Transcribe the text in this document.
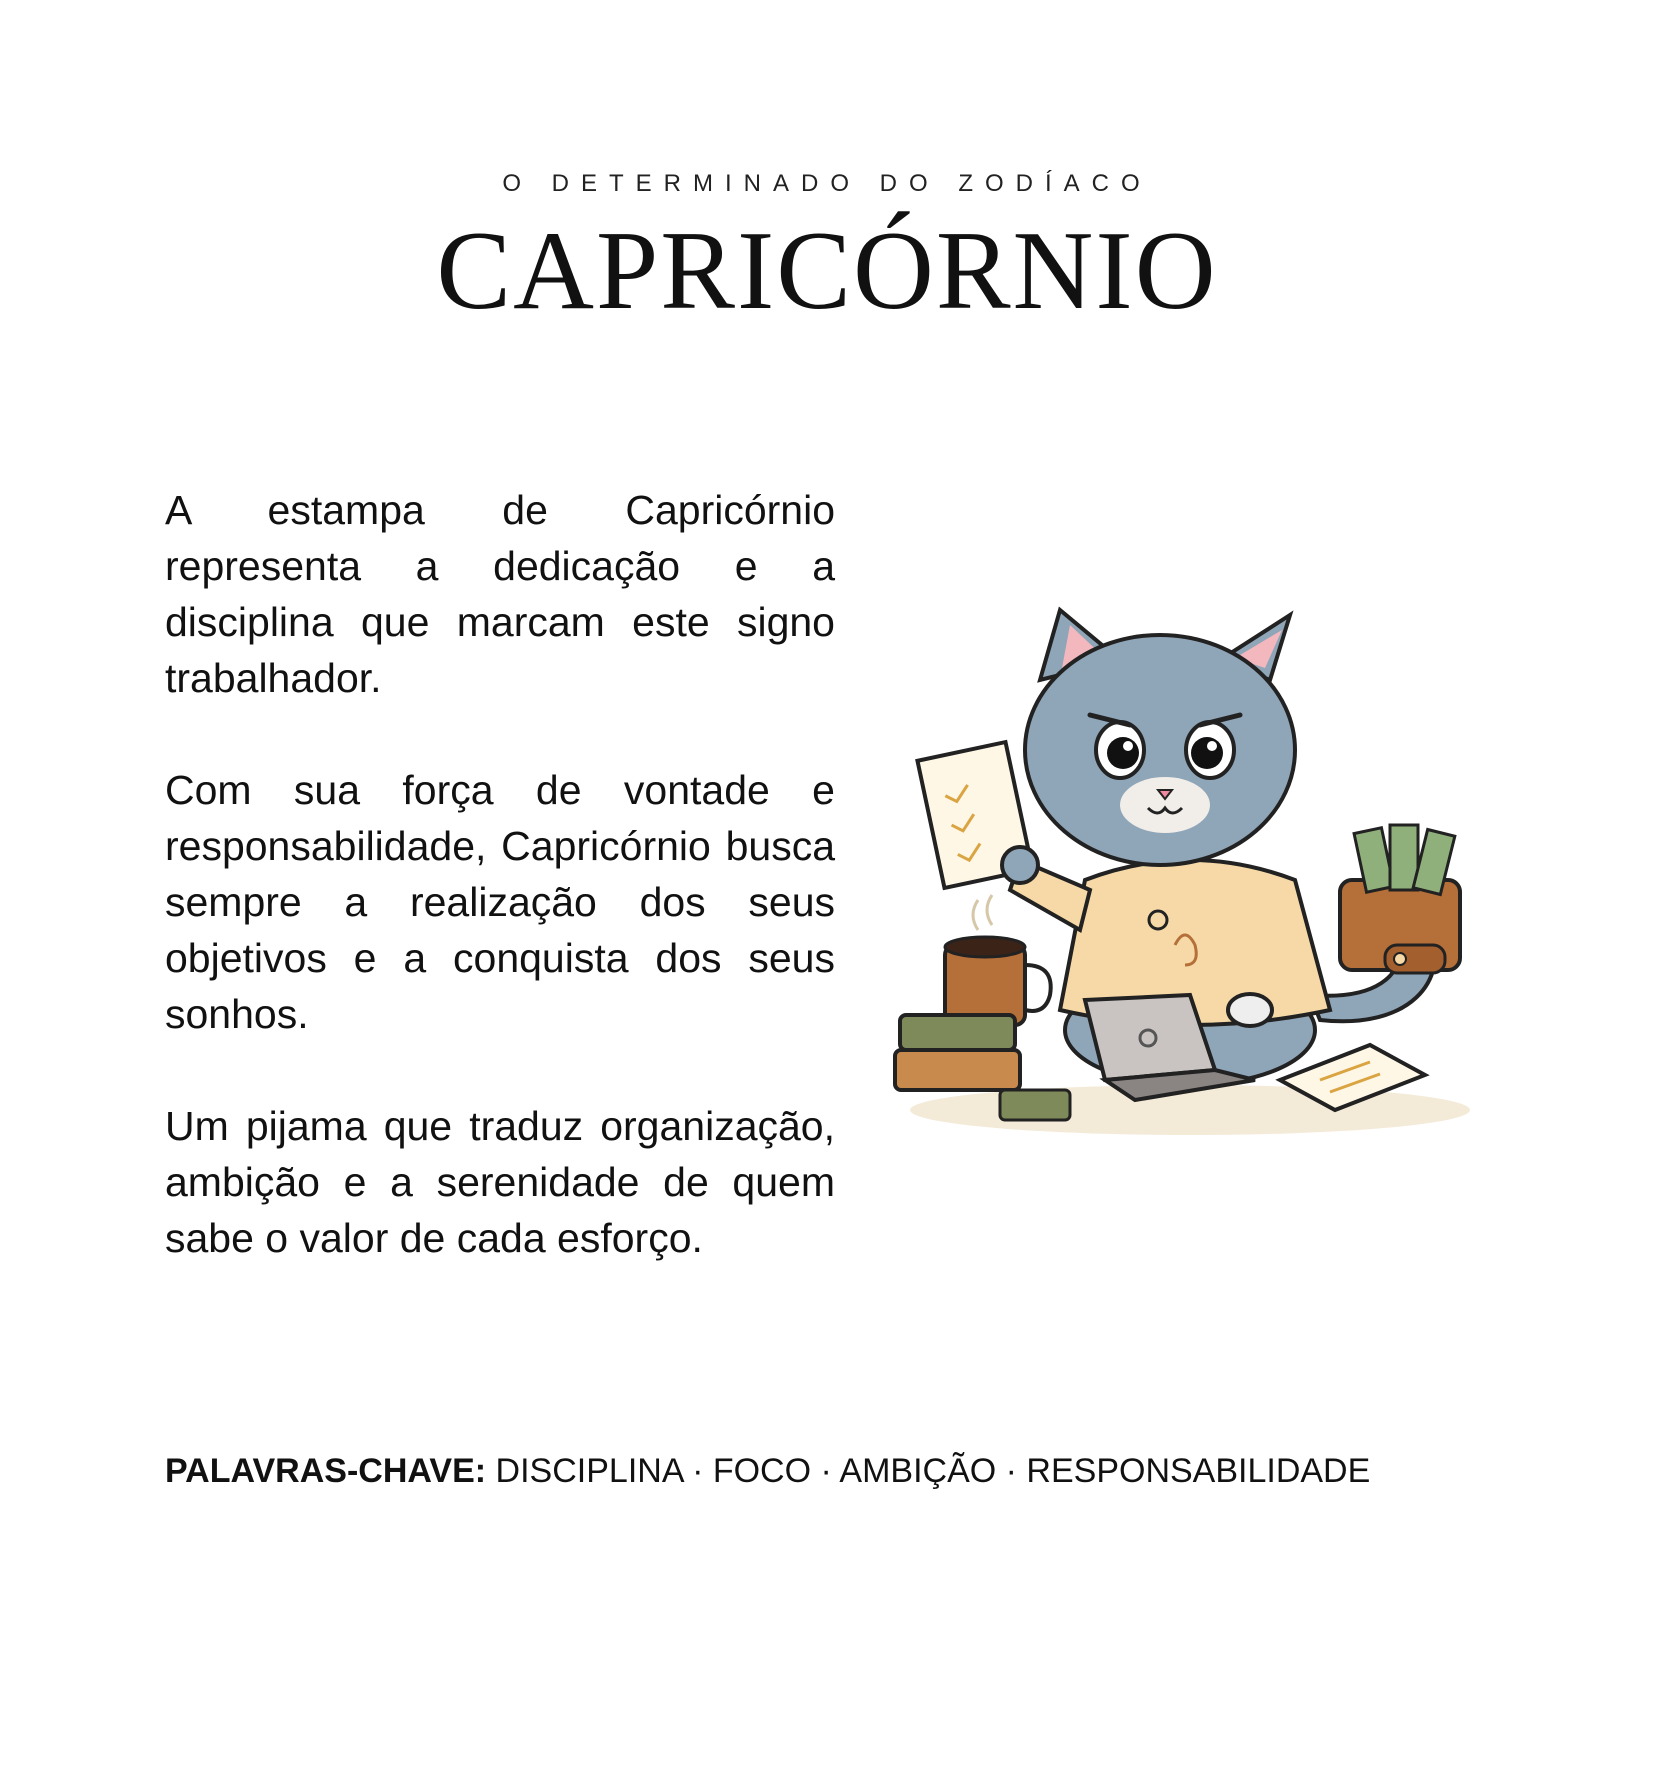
O DETERMINADO DO ZODÍACO
CAPRICÓRNIO

A estampa de Capricórnio representa a dedicação e a disciplina que marcam este signo trabalhador.

Com sua força de vontade e responsabilidade, Capricórnio busca sempre a realização dos seus objetivos e a conquista dos seus sonhos.

Um pijama que traduz organização, ambição e a serenidade de quem sabe o valor de cada esforço.

PALAVRAS-CHAVE: DISCIPLINA · FOCO · AMBIÇÃO · RESPONSABILIDADE
